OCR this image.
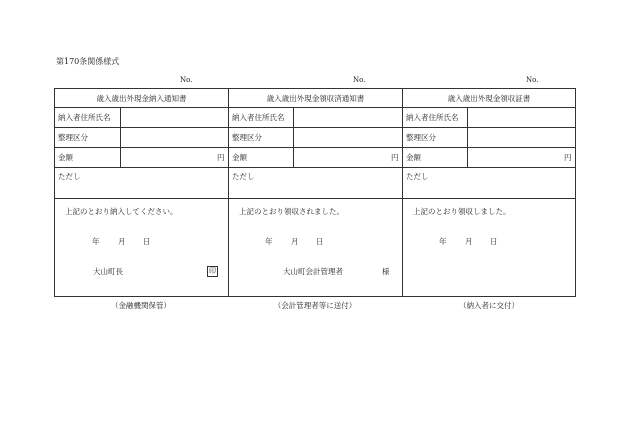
第170条関係様式
No.	No.	No.
歳入歳出外現金納入通知書
納入者住所氏名
整理区分
金額	円
ただし
上記のとおり納入してください。
年 月 日
大山町長	印
歳入歳出外現金領収済通知書
納入者住所氏名
整理区分
金額	円
ただし
上記のとおり領収されました。
年 月 日
大山町会計管理者	様
歳入歳出外現金領収証書
納入者住所氏名
整理区分
金額	円
ただし
上記のとおり領収しました。
年 月 日
（金融機関保管）	（会計管理者等に送付）	（納入者に交付）
